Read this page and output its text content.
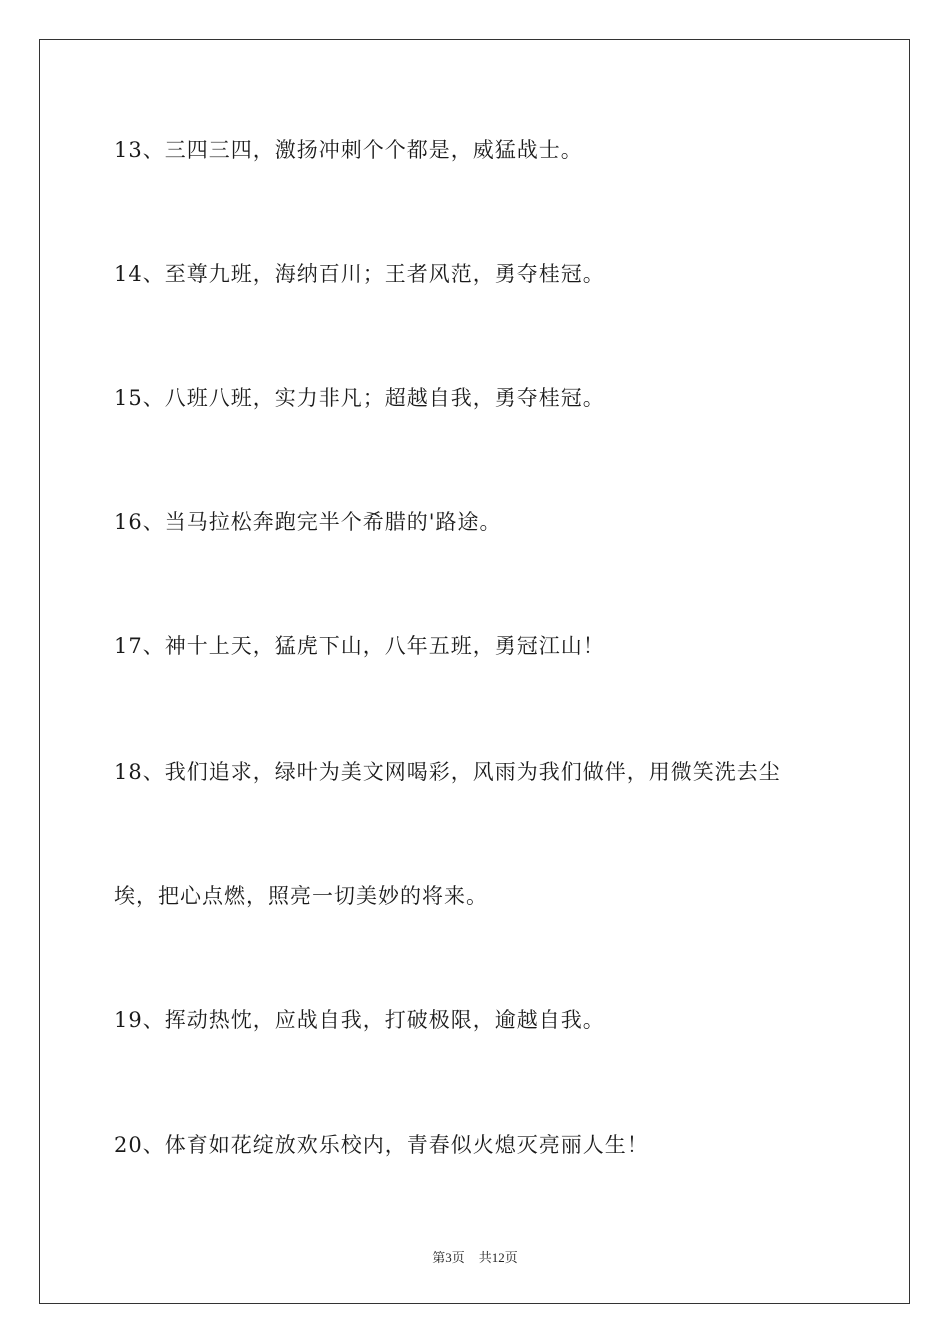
13、三四三四，激扬冲刺个个都是，威猛战士。
14、至尊九班，海纳百川；王者风范，勇夺桂冠。
15、八班八班，实力非凡；超越自我，勇夺桂冠。
16、当马拉松奔跑完半个希腊的'路途。
17、神十上天，猛虎下山，八年五班，勇冠江山！
18、我们追求，绿叶为美文网喝彩，风雨为我们做伴，用微笑洗去尘
埃，把心点燃，照亮一切美妙的将来。
19、挥动热忱，应战自我，打破极限，逾越自我。
20、体育如花绽放欢乐校内，青春似火熄灭亮丽人生！
第3页 共12页
